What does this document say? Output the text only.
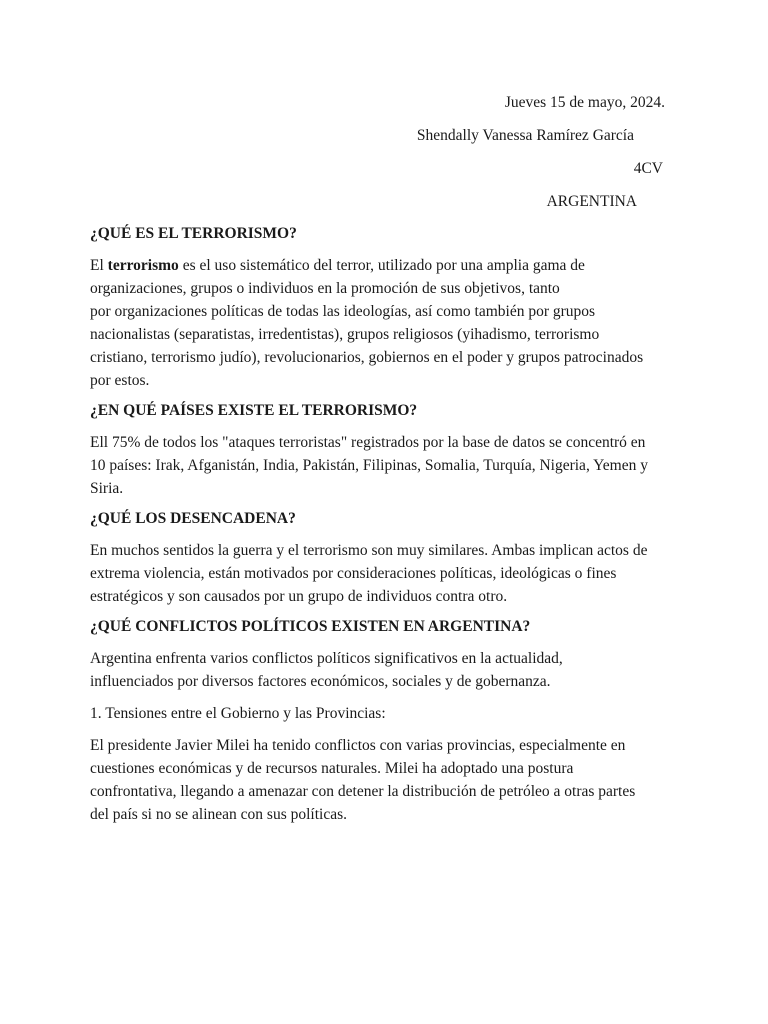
Jueves 15 de mayo, 2024.
Shendally Vanessa Ramírez García
4CV
ARGENTINA
¿QUÉ ES EL TERRORISMO?

El terrorismo es el uso sistemático del terror, utilizado por una amplia gama de
organizaciones, grupos o individuos en la promoción de sus objetivos, tanto
por organizaciones políticas de todas las ideologías, así como también por grupos
nacionalistas (separatistas, irredentistas), grupos religiosos (yihadismo, terrorismo
cristiano, terrorismo judío), revolucionarios, gobiernos en el poder y grupos patrocinados
por estos.

¿EN QUÉ PAÍSES EXISTE EL TERRORISMO?

Ell 75% de todos los "ataques terroristas" registrados por la base de datos se concentró en
10 países: Irak, Afganistán, India, Pakistán, Filipinas, Somalia, Turquía, Nigeria, Yemen y
Siria.

¿QUÉ LOS DESENCADENA?

En muchos sentidos la guerra y el terrorismo son muy similares. Ambas implican actos de
extrema violencia, están motivados por consideraciones políticas, ideológicas o fines
estratégicos y son causados por un grupo de individuos contra otro.

¿QUÉ CONFLICTOS POLÍTICOS EXISTEN EN ARGENTINA?

Argentina enfrenta varios conflictos políticos significativos en la actualidad,
influenciados por diversos factores económicos, sociales y de gobernanza.

1. Tensiones entre el Gobierno y las Provincias:

El presidente Javier Milei ha tenido conflictos con varias provincias, especialmente en
cuestiones económicas y de recursos naturales. Milei ha adoptado una postura
confrontativa, llegando a amenazar con detener la distribución de petróleo a otras partes
del país si no se alinean con sus políticas.
